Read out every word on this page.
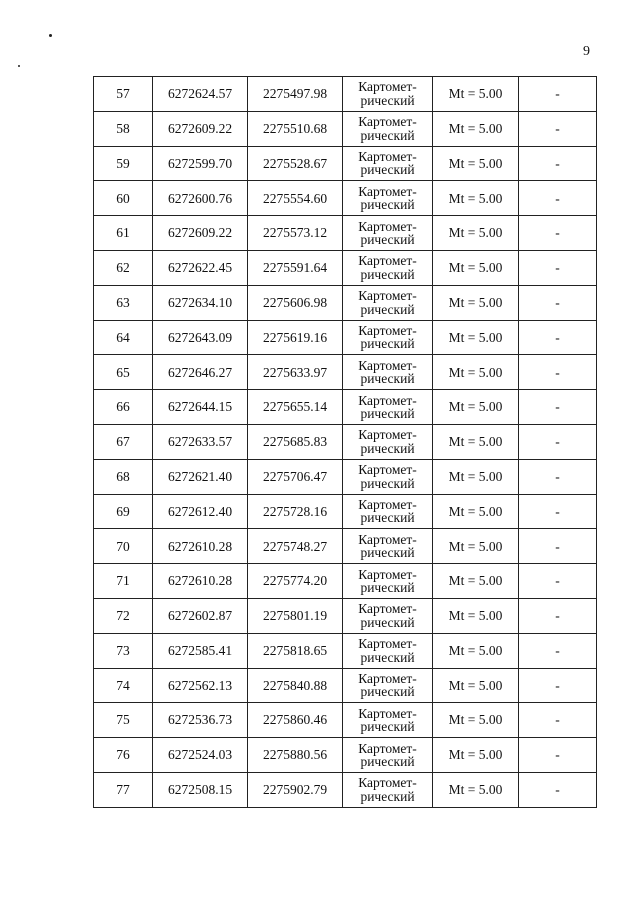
9
57	6272624.57	2275497.98	Картомет-
рический	Mt = 5.00	-
58	6272609.22	2275510.68	Картомет-
рический	Mt = 5.00	-
59	6272599.70	2275528.67	Картомет-
рический	Mt = 5.00	-
60	6272600.76	2275554.60	Картомет-
рический	Mt = 5.00	-
61	6272609.22	2275573.12	Картомет-
рический	Mt = 5.00	-
62	6272622.45	2275591.64	Картомет-
рический	Mt = 5.00	-
63	6272634.10	2275606.98	Картомет-
рический	Mt = 5.00	-
64	6272643.09	2275619.16	Картомет-
рический	Mt = 5.00	-
65	6272646.27	2275633.97	Картомет-
рический	Mt = 5.00	-
66	6272644.15	2275655.14	Картомет-
рический	Mt = 5.00	-
67	6272633.57	2275685.83	Картомет-
рический	Mt = 5.00	-
68	6272621.40	2275706.47	Картомет-
рический	Mt = 5.00	-
69	6272612.40	2275728.16	Картомет-
рический	Mt = 5.00	-
70	6272610.28	2275748.27	Картомет-
рический	Mt = 5.00	-
71	6272610.28	2275774.20	Картомет-
рический	Mt = 5.00	-
72	6272602.87	2275801.19	Картомет-
рический	Mt = 5.00	-
73	6272585.41	2275818.65	Картомет-
рический	Mt = 5.00	-
74	6272562.13	2275840.88	Картомет-
рический	Mt = 5.00	-
75	6272536.73	2275860.46	Картомет-
рический	Mt = 5.00	-
76	6272524.03	2275880.56	Картомет-
рический	Mt = 5.00	-
77	6272508.15	2275902.79	Картомет-
рический	Mt = 5.00	-
